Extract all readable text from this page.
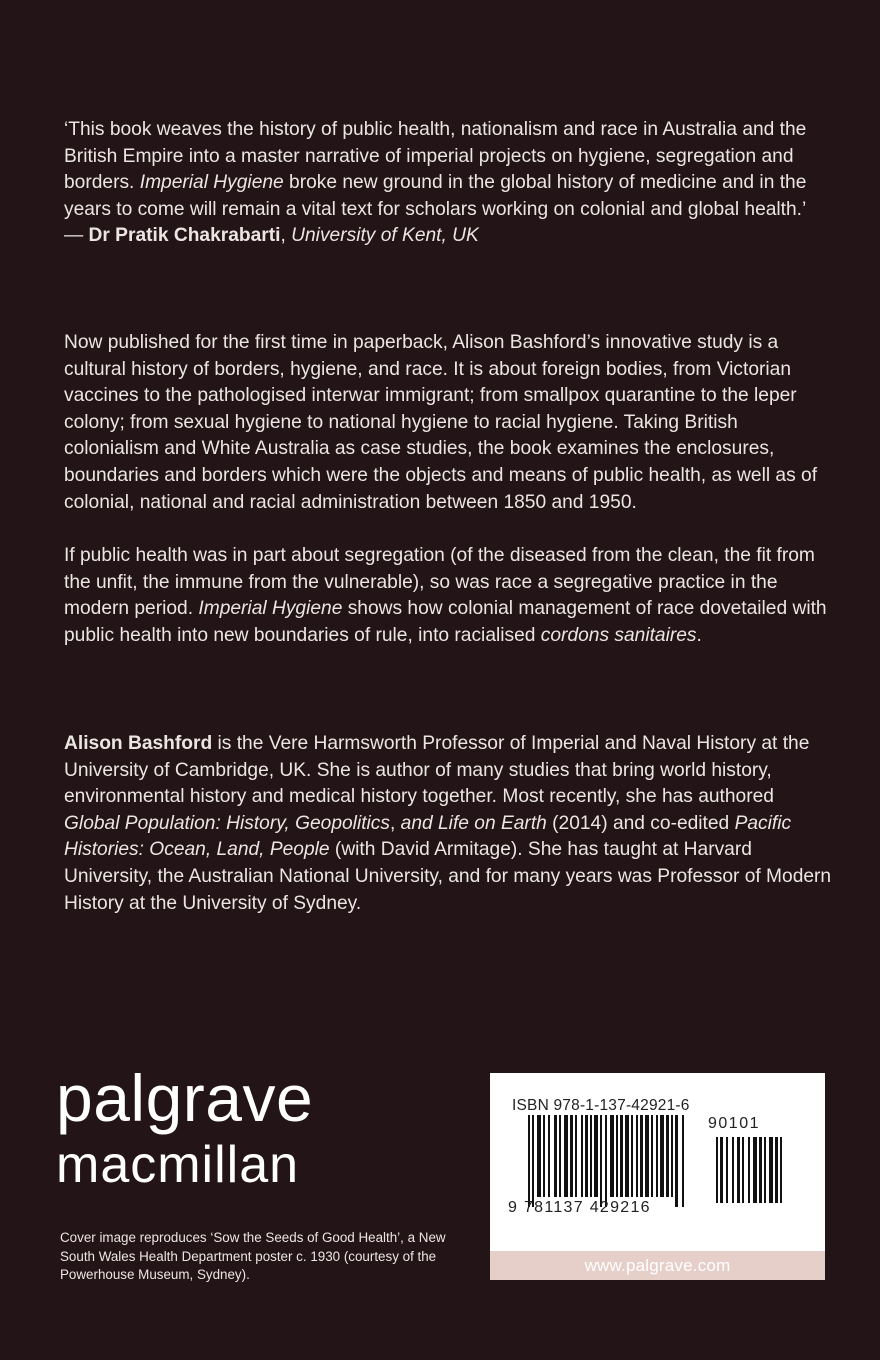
‘This book weaves the history of public health, nationalism and race in Australia and the British Empire into a master narrative of imperial projects on hygiene, segregation and borders. Imperial Hygiene broke new ground in the global history of medicine and in the years to come will remain a vital text for scholars working on colonial and global health.’
— Dr Pratik Chakrabarti, University of Kent, UK

Now published for the first time in paperback, Alison Bashford’s innovative study is a cultural history of borders, hygiene, and race. It is about foreign bodies, from Victorian vaccines to the pathologised interwar immigrant; from smallpox quarantine to the leper colony; from sexual hygiene to national hygiene to racial hygiene. Taking British colonialism and White Australia as case studies, the book examines the enclosures, boundaries and borders which were the objects and means of public health, as well as of colonial, national and racial administration between 1850 and 1950.

If public health was in part about segregation (of the diseased from the clean, the fit from the unfit, the immune from the vulnerable), so was race a segregative practice in the modern period. Imperial Hygiene shows how colonial management of race dovetailed with public health into new boundaries of rule, into racialised cordons sanitaires.

Alison Bashford is the Vere Harmsworth Professor of Imperial and Naval History at the University of Cambridge, UK. She is author of many studies that bring world history, environmental history and medical history together. Most recently, she has authored Global Population: History, Geopolitics, and Life on Earth (2014) and co-edited Pacific Histories: Ocean, Land, People (with David Armitage). She has taught at Harvard University, the Australian National University, and for many years was Professor of Modern History at the University of Sydney.

palgrave
macmillan

Cover image reproduces ‘Sow the Seeds of Good Health’, a New South Wales Health Department poster c. 1930 (courtesy of the Powerhouse Museum, Sydney).

ISBN 978-1-137-42921-6
90101
9 781137 429216
www.palgrave.com
